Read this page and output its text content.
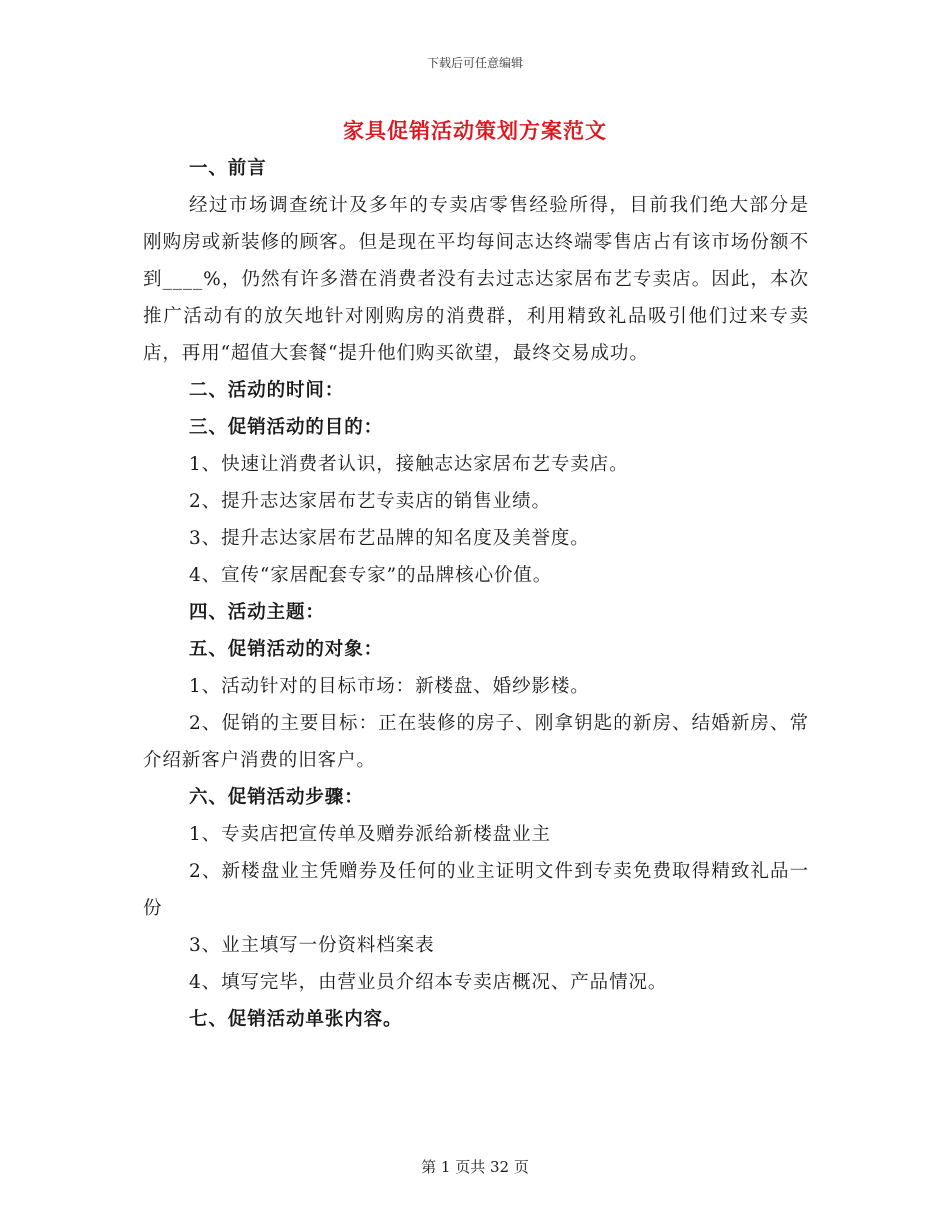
下载后可任意编辑
家具促销活动策划方案范文

一、前言

经过市场调查统计及多年的专卖店零售经验所得，目前我们绝大部分是刚购房或新装修的顾客。但是现在平均每间志达终端零售店占有该市场份额不到____%，仍然有许多潜在消费者没有去过志达家居布艺专卖店。因此，本次推广活动有的放矢地针对刚购房的消费群，利用精致礼品吸引他们过来专卖店，再用“超值大套餐“提升他们购买欲望，最终交易成功。

二、活动的时间：

三、促销活动的目的：

1、快速让消费者认识，接触志达家居布艺专卖店。

2、提升志达家居布艺专卖店的销售业绩。

3、提升志达家居布艺品牌的知名度及美誉度。

4、宣传“家居配套专家”的品牌核心价值。

四、活动主题：

五、促销活动的对象：

1、活动针对的目标市场：新楼盘、婚纱影楼。

2、促销的主要目标：正在装修的房子、刚拿钥匙的新房、结婚新房、常介绍新客户消费的旧客户。

六、促销活动步骤：

1、专卖店把宣传单及赠券派给新楼盘业主

2、新楼盘业主凭赠券及任何的业主证明文件到专卖免费取得精致礼品一份

3、业主填写一份资料档案表

4、填写完毕，由营业员介绍本专卖店概况、产品情况。

七、促销活动单张内容。

第 1 页共 32 页
